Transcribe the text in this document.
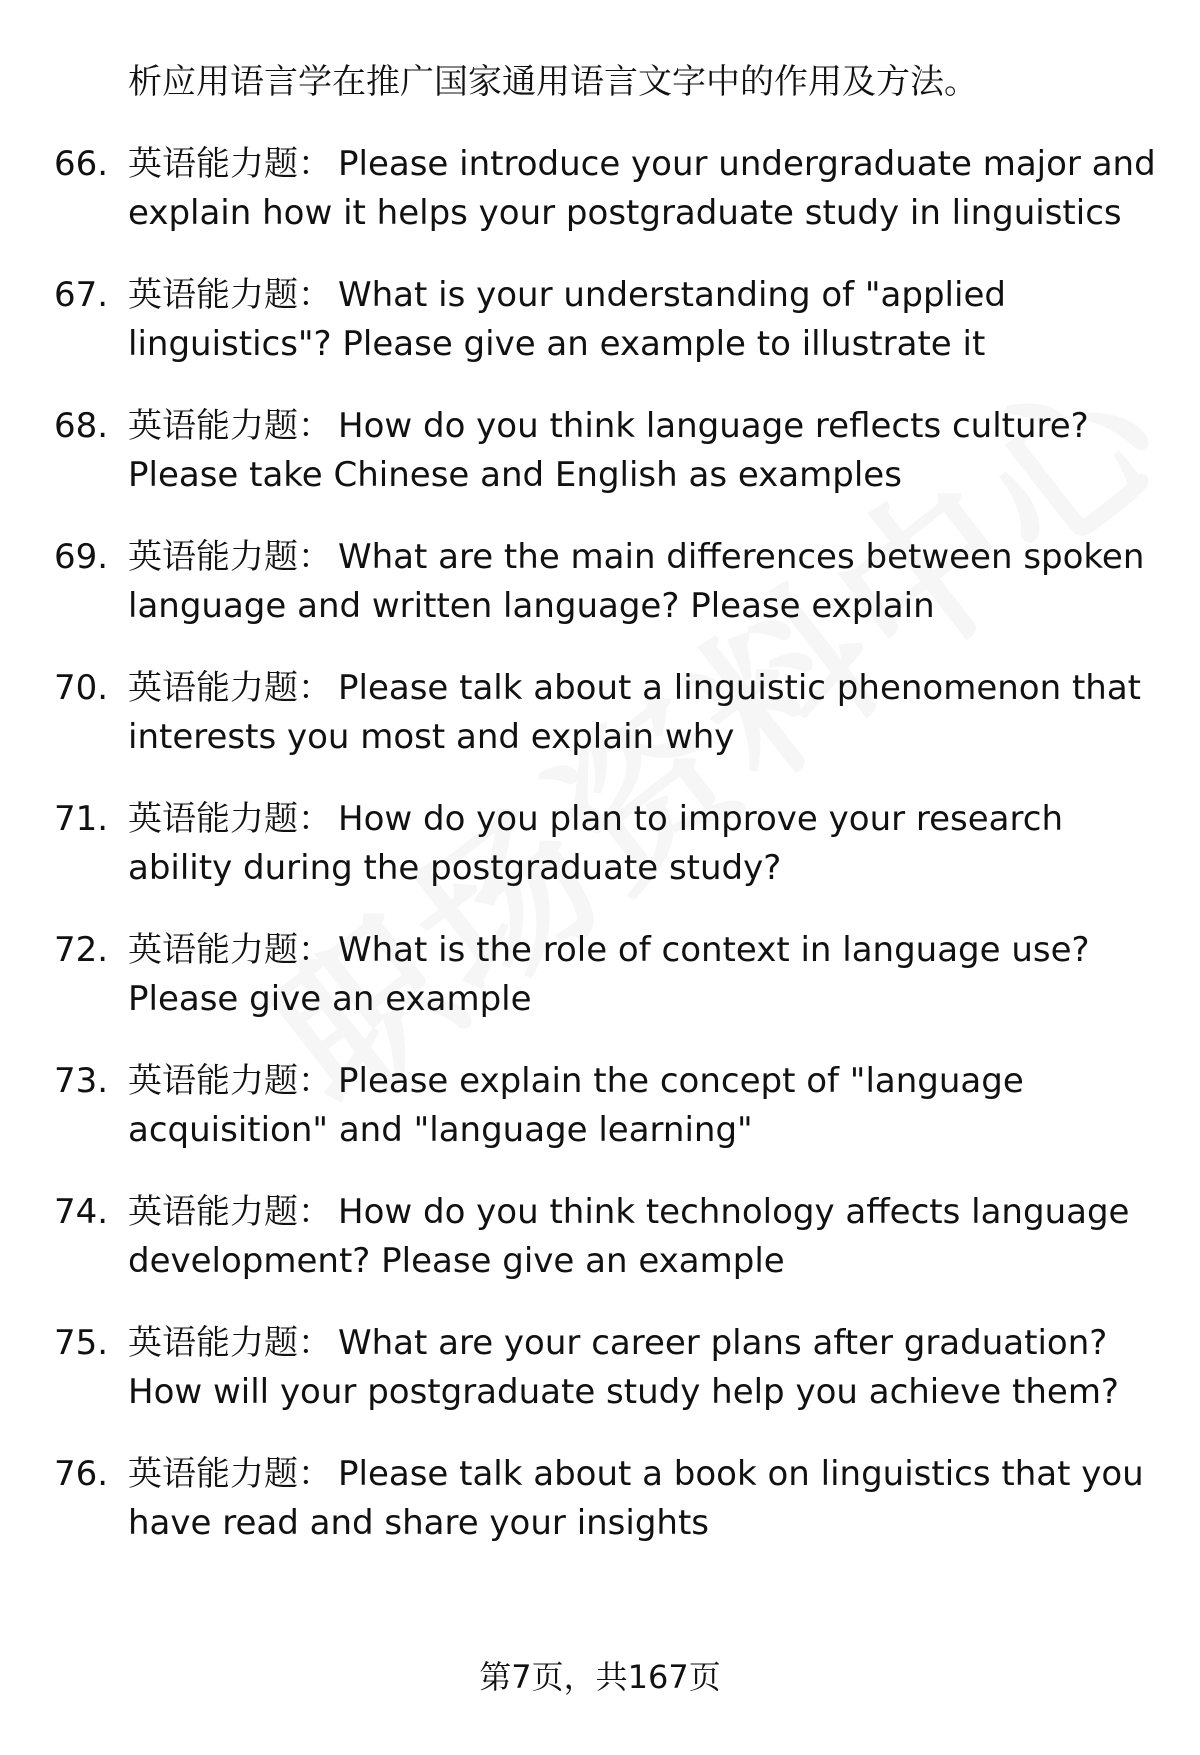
析应用语言学在推广国家通用语言文字中的作用及方法。
66. 英语能力题： Please introduce your undergraduate major and explain how it helps your postgraduate study in linguistics
67. 英语能力题： What is your understanding of "applied linguistics"? Please give an example to illustrate it
68. 英语能力题： How do you think language reflects culture? Please take Chinese and English as examples
69. 英语能力题： What are the main differences between spoken language and written language? Please explain
70. 英语能力题： Please talk about a linguistic phenomenon that interests you most and explain why
71. 英语能力题： How do you plan to improve your research ability during the postgraduate study?
72. 英语能力题： What is the role of context in language use? Please give an example
73. 英语能力题： Please explain the concept of "language acquisition" and "language learning"
74. 英语能力题： How do you think technology affects language development? Please give an example
75. 英语能力题： What are your career plans after graduation? How will your postgraduate study help you achieve them?
76. 英语能力题： Please talk about a book on linguistics that you have read and share your insights
第7页，共167页
